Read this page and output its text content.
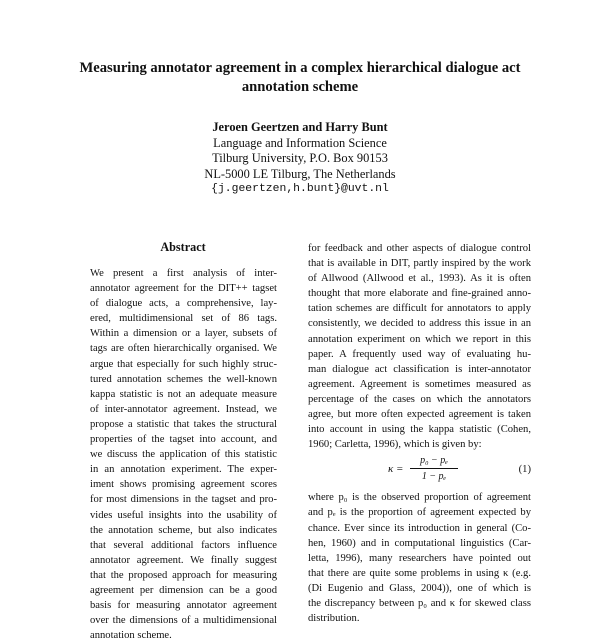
Measuring annotator agreement in a complex hierarchical dialogue act annotation scheme
Jeroen Geertzen and Harry Bunt
Language and Information Science
Tilburg University, P.O. Box 90153
NL-5000 LE Tilburg, The Netherlands
{j.geertzen,h.bunt}@uvt.nl
Abstract
We present a first analysis of inter-
annotator agreement for the DIT++ tagset
of dialogue acts, a comprehensive, lay-
ered, multidimensional set of 86 tags.
Within a dimension or a layer, subsets of
tags are often hierarchically organised. We
argue that especially for such highly struc-
tured annotation schemes the well-known
kappa statistic is not an adequate measure
of inter-annotator agreement. Instead, we
propose a statistic that takes the structural
properties of the tagset into account, and
we discuss the application of this statistic
in an annotation experiment. The exper-
iment shows promising agreement scores
for most dimensions in the tagset and pro-
vides useful insights into the usability of
the annotation scheme, but also indicates
that several additional factors influence
annotator agreement. We finally suggest
that the proposed approach for measuring
agreement per dimension can be a good
basis for measuring annotator agreement
over the dimensions of a multidimensional
annotation scheme.
for feedback and other aspects of dialogue control
that is available in DIT, partly inspired by the work
of Allwood (Allwood et al., 1993). As it is often
thought that more elaborate and fine-grained anno-
tation schemes are difficult for annotators to apply
consistently, we decided to address this issue in an
annotation experiment on which we report in this
paper. A frequently used way of evaluating hu-
man dialogue act classification is inter-annotator
agreement. Agreement is sometimes measured as
percentage of the cases on which the annotators
agree, but more often expected agreement is taken
into account in using the kappa statistic (Cohen,
1960; Carletta, 1996), which is given by:
$\kappa = \frac{\text{p₀ − pₑ}}{\text{1 − pₑ}}$	(1)
where p₀ is the observed proportion of agreement
and pₑ is the proportion of agreement expected by
chance. Ever since its introduction in general (Co-
hen, 1960) and in computational linguistics (Car-
letta, 1996), many researchers have pointed out
that there are quite some problems in using κ (e.g.
(Di Eugenio and Glass, 2004)), one of which is
the discrepancy between p₀ and κ for skewed class
distribution.
